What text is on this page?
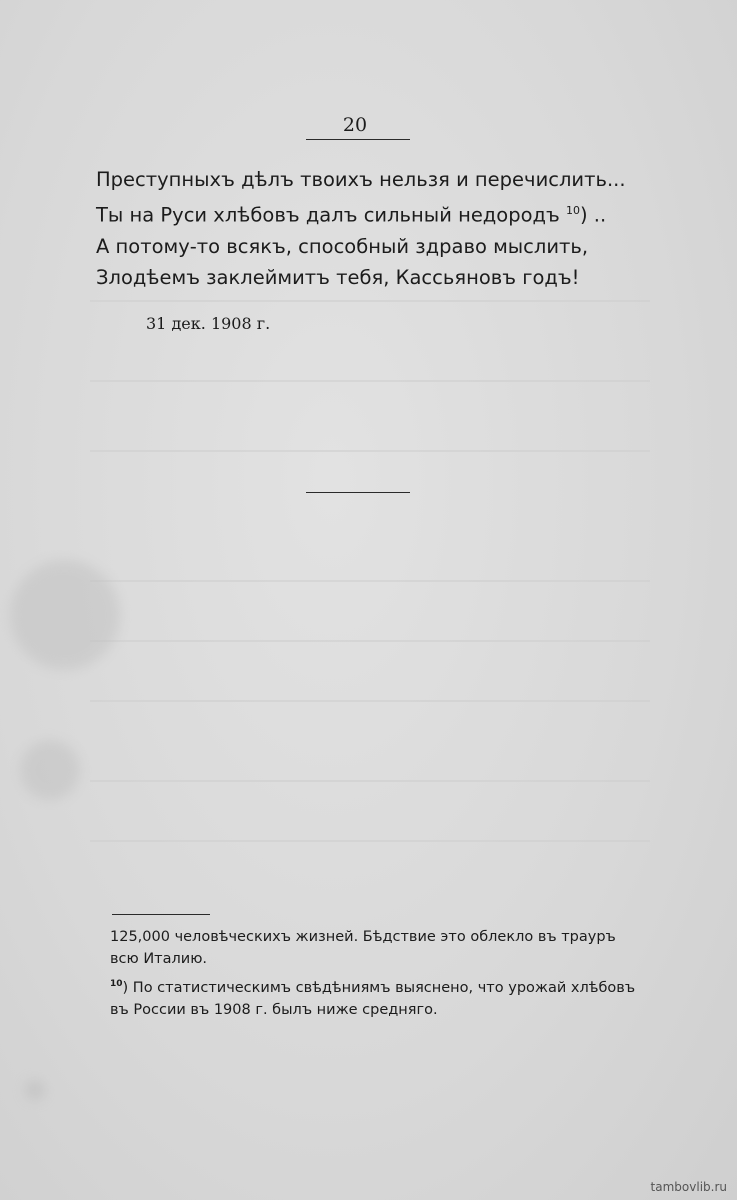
20
Преступныхъ дѣлъ твоихъ нельзя и перечислить...
Ты на Руси хлѣбовъ далъ сильный недородъ $^{10}$) ..
А потому-то всякъ, способный здраво мыслить,
Злодѣемъ заклеймитъ тебя, Кассьяновъ годъ!
31 дек. 1908 г.
125,000 человѣческихъ жизней. Бѣдствие это облекло въ трауръ всю Италию.
$^{10}$) По статистическимъ свѣдѣниямъ выяснено, что урожай хлѣбовъ въ России въ 1908 г. былъ ниже средняго.
tambovlib.ru
